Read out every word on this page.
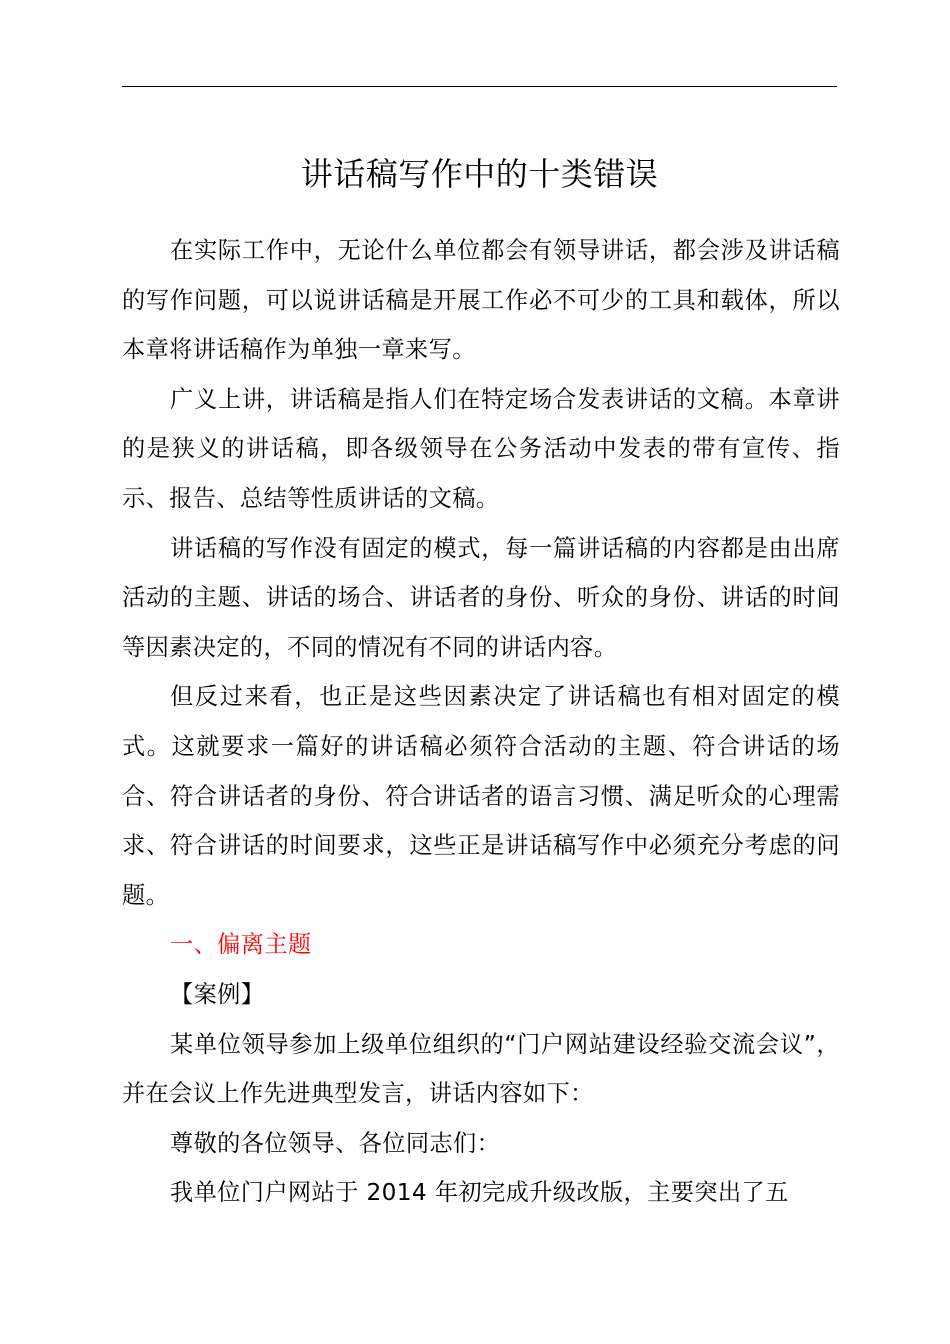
讲话稿写作中的十类错误

在实际工作中，无论什么单位都会有领导讲话，都会涉及讲话稿的写作问题，可以说讲话稿是开展工作必不可少的工具和载体，所以本章将讲话稿作为单独一章来写。

广义上讲，讲话稿是指人们在特定场合发表讲话的文稿。本章讲的是狭义的讲话稿，即各级领导在公务活动中发表的带有宣传、指示、报告、总结等性质讲话的文稿。

讲话稿的写作没有固定的模式，每一篇讲话稿的内容都是由出席活动的主题、讲话的场合、讲话者的身份、听众的身份、讲话的时间等因素决定的，不同的情况有不同的讲话内容。

但反过来看，也正是这些因素决定了讲话稿也有相对固定的模式。这就要求一篇好的讲话稿必须符合活动的主题、符合讲话的场合、符合讲话者的身份、符合讲话者的语言习惯、满足听众的心理需求、符合讲话的时间要求，这些正是讲话稿写作中必须充分考虑的问题。

一、偏离主题

【案例】

某单位领导参加上级单位组织的“门户网站建设经验交流会议”，并在会议上作先进典型发言，讲话内容如下：

尊敬的各位领导、各位同志们：

我单位门户网站于 2014 年初完成升级改版，主要突出了五
